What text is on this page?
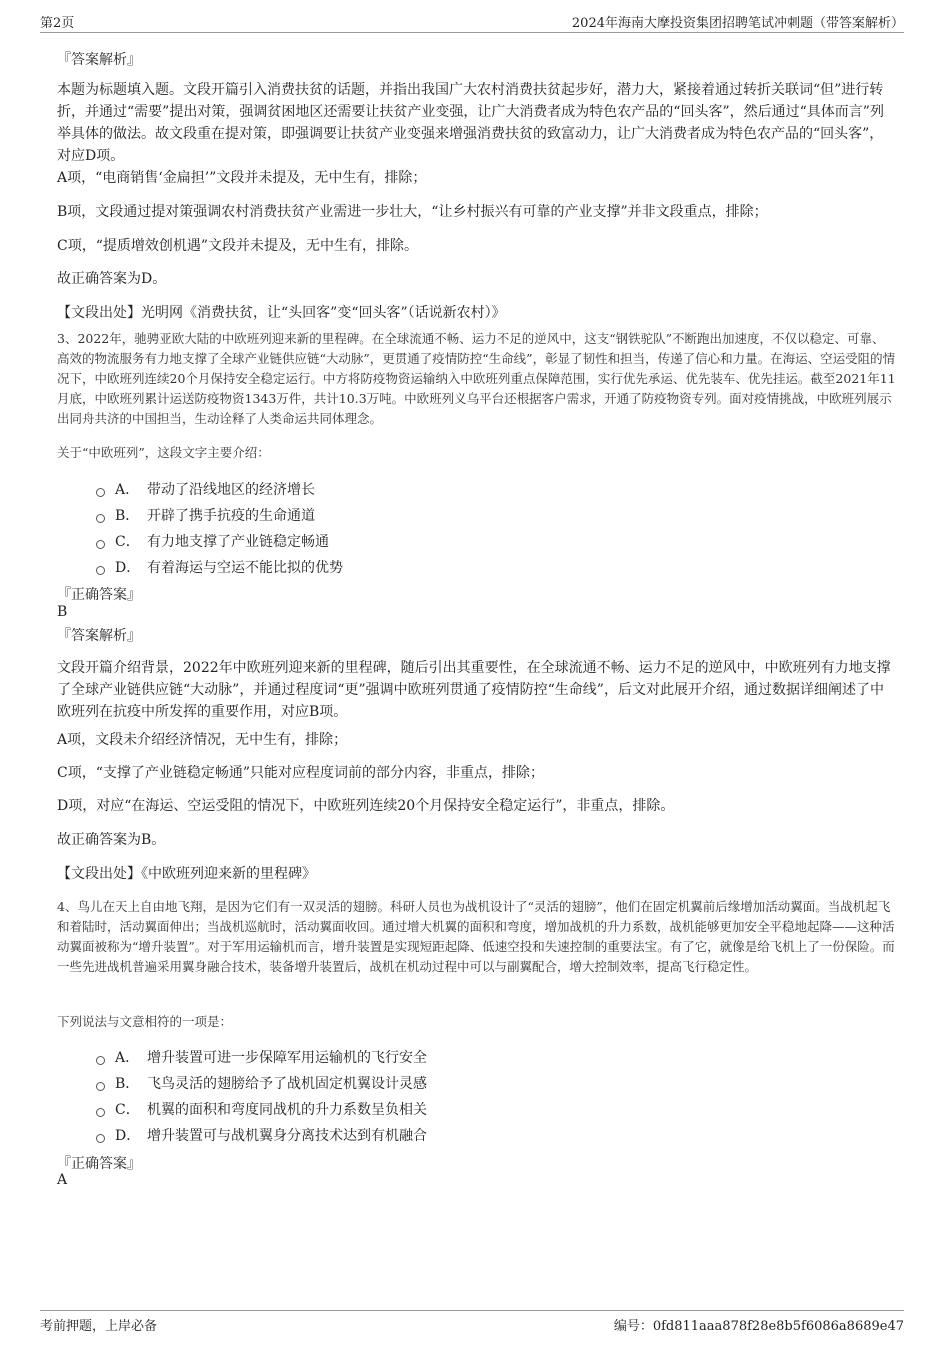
第2页	2024年海南大摩投资集团招聘笔试冲刺题（带答案解析）
『答案解析』
本题为标题填入题。文段开篇引入消费扶贫的话题，并指出我国广大农村消费扶贫起步好，潜力大，紧接着通过转折关联词“但”进行转折，并通过“需要”提出对策，强调贫困地区还需要让扶贫产业变强，让广大消费者成为特色农产品的“回头客”，然后通过“具体而言”列举具体的做法。故文段重在提对策，即强调要让扶贫产业变强来增强消费扶贫的致富动力，让广大消费者成为特色农产品的“回头客”，对应D项。
A项，“电商销售‘金扁担’”文段并未提及，无中生有，排除；
B项，文段通过提对策强调农村消费扶贫产业需进一步壮大，“让乡村振兴有可靠的产业支撑”并非文段重点，排除；
C项，“提质增效创机遇”文段并未提及，无中生有，排除。
故正确答案为D。
【文段出处】光明网《消费扶贫，让“头回客”变“回头客”（话说新农村）》
3、2022年，驰骋亚欧大陆的中欧班列迎来新的里程碑。在全球流通不畅、运力不足的逆风中，这支“钢铁驼队”不断跑出加速度，不仅以稳定、可靠、高效的物流服务有力地支撑了全球产业链供应链“大动脉”，更贯通了疫情防控“生命线”，彰显了韧性和担当，传递了信心和力量。在海运、空运受阻的情况下，中欧班列连续20个月保持安全稳定运行。中方将防疫物资运输纳入中欧班列重点保障范围，实行优先承运、优先装车、优先挂运。截至2021年11月底，中欧班列累计运送防疫物资1343万件，共计10.3万吨。中欧班列义乌平台还根据客户需求，开通了防疫物资专列。面对疫情挑战，中欧班列展示出同舟共济的中国担当，生动诠释了人类命运共同体理念。
关于“中欧班列”，这段文字主要介绍：
A． 带动了沿线地区的经济增长
B． 开辟了携手抗疫的生命通道
C． 有力地支撑了产业链稳定畅通
D． 有着海运与空运不能比拟的优势
『正确答案』
B
『答案解析』
文段开篇介绍背景，2022年中欧班列迎来新的里程碑，随后引出其重要性，在全球流通不畅、运力不足的逆风中，中欧班列有力地支撑了全球产业链供应链“大动脉”，并通过程度词“更”强调中欧班列贯通了疫情防控“生命线”，后文对此展开介绍，通过数据详细阐述了中欧班列在抗疫中所发挥的重要作用，对应B项。
A项，文段未介绍经济情况，无中生有，排除；
C项，“支撑了产业链稳定畅通”只能对应程度词前的部分内容，非重点，排除；
D项，对应“在海运、空运受阻的情况下，中欧班列连续20个月保持安全稳定运行”，非重点，排除。
故正确答案为B。
【文段出处】《中欧班列迎来新的里程碑》
4、鸟儿在天上自由地飞翔，是因为它们有一双灵活的翅膀。科研人员也为战机设计了“灵活的翅膀”，他们在固定机翼前后缘增加活动翼面。当战机起飞和着陆时，活动翼面伸出；当战机巡航时，活动翼面收回。通过增大机翼的面积和弯度，增加战机的升力系数，战机能够更加安全平稳地起降——这种活动翼面被称为“增升装置”。对于军用运输机而言，增升装置是实现短距起降、低速空投和失速控制的重要法宝。有了它，就像是给飞机上了一份保险。而一些先进战机普遍采用翼身融合技术，装备增升装置后，战机在机动过程中可以与副翼配合，增大控制效率，提高飞行稳定性。
下列说法与文意相符的一项是：
A． 增升装置可进一步保障军用运输机的飞行安全
B． 飞鸟灵活的翅膀给予了战机固定机翼设计灵感
C． 机翼的面积和弯度同战机的升力系数呈负相关
D． 增升装置可与战机翼身分离技术达到有机融合
『正确答案』
A
考前押题，上岸必备	编号：0fd811aaa878f28e8b5f6086a8689e47
